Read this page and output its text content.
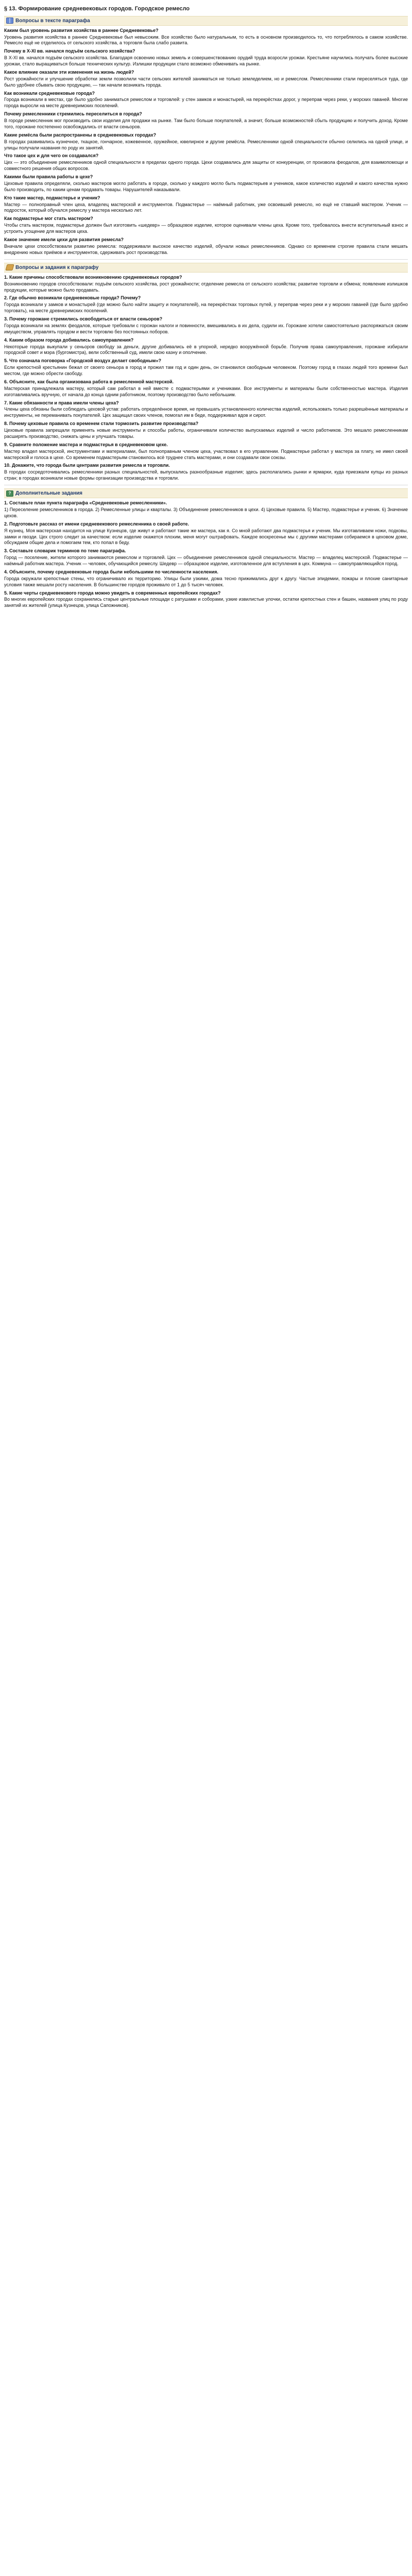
§ 13. Формирование средневековых городов. Городское ремесло
Вопросы в тексте параграфа
Каким был уровень развития хозяйства в раннее Средневековье?
Уровень развития хозяйства в раннее Средневековье был невысоким. Все хозяйство было натуральным, то есть в основном производилось то, что потреблялось в самом хозяйстве. Ремесло ещё не отделилось от сельского хозяйства, а торговля была слабо развита.
Почему в X-XI вв. начался подъём сельского хозяйства?
В X-XI вв. начался подъём сельского хозяйства. Благодаря освоению новых земель и совершенствованию орудий труда возросли урожаи. Крестьяне научились получать более высокие урожаи, стало выращиваться больше технических культур. Излишки продукции стало возможно обменивать на рынке.
Какое влияние оказали эти изменения на жизнь людей?
Рост урожайности и улучшение обработки земли позволили части сельских жителей заниматься не только земледелием, но и ремеслом. Ремесленники стали переселяться туда, где было удобнее сбывать свою продукцию, — так начали возникать города.
Как возникали средневековые города?
Города возникали в местах, где было удобно заниматься ремеслом и торговлей: у стен замков и монастырей, на перекрёстках дорог, у переправ через реки, у морских гаваней. Многие города выросли на месте древнеримских поселений.
Почему ремесленники стремились переселиться в города?
В городе ремесленник мог производить свои изделия для продажи на рынке. Там было больше покупателей, а значит, больше возможностей сбыть продукцию и получить доход. Кроме того, горожане постепенно освобождались от власти сеньоров.
Какие ремёсла были распространены в средневековых городах?
В городах развивались кузнечное, ткацкое, гончарное, кожевенное, оружейное, ювелирное и другие ремёсла. Ремесленники одной специальности обычно селились на одной улице, и улицы получали названия по роду их занятий.
Что такое цех и для чего он создавался?
Цех — это объединение ремесленников одной специальности в пределах одного города. Цехи создавались для защиты от конкуренции, от произвола феодалов, для взаимопомощи и совместного решения общих вопросов.
Какими были правила работы в цехе?
Цеховые правила определяли, сколько мастеров могло работать в городе, сколько у каждого могло быть подмастерьев и учеников, какое количество изделий и какого качества нужно было производить, по каким ценам продавать товары. Нарушителей наказывали.
Кто такие мастер, подмастерье и ученик?
Мастер — полноправный член цеха, владелец мастерской и инструментов. Подмастерье — наёмный работник, уже освоивший ремесло, но ещё не ставший мастером. Ученик — подросток, который обучался ремеслу у мастера несколько лет.
Как подмастерье мог стать мастером?
Чтобы стать мастером, подмастерье должен был изготовить «шедевр» — образцовое изделие, которое оценивали члены цеха. Кроме того, требовалось внести вступительный взнос и устроить угощение для мастеров цеха.
Какое значение имели цехи для развития ремесла?
Вначале цехи способствовали развитию ремесла: поддерживали высокое качество изделий, обучали новых ремесленников. Однако со временем строгие правила стали мешать внедрению новых приёмов и инструментов, сдерживать рост производства.
Вопросы и задания к параграфу
1. Какие причины способствовали возникновению средневековых городов?
Возникновению городов способствовали: подъём сельского хозяйства, рост урожайности; отделение ремесла от сельского хозяйства; развитие торговли и обмена; появление излишков продукции, которые можно было продавать.
2. Где обычно возникали средневековые города? Почему?
Города возникали у замков и монастырей (где можно было найти защиту и покупателей), на перекрёстках торговых путей, у переправ через реки и у морских гаваней (где было удобно торговать), на месте древнеримских поселений.
3. Почему горожане стремились освободиться от власти сеньоров?
Города возникали на землях феодалов, которые требовали с горожан налоги и повинности, вмешивались в их дела, судили их. Горожане хотели самостоятельно распоряжаться своим имуществом, управлять городом и вести торговлю без постоянных поборов.
4. Каким образом города добивались самоуправления?
Некоторые города выкупали у сеньоров свободу за деньги, другие добивались её в упорной, нередко вооружённой борьбе. Получив права самоуправления, горожане избирали городской совет и мэра (бургомистра), вели собственный суд, имели свою казну и ополчение.
5. Что означала поговорка «Городской воздух делает свободным»?
Если крепостной крестьянин бежал от своего сеньора в город и прожил там год и один день, он становился свободным человеком. Поэтому город в глазах людей того времени был местом, где можно обрести свободу.
6. Объясните, как была организована работа в ремесленной мастерской.
Мастерская принадлежала мастеру, который сам работал в ней вместе с подмастерьями и учениками. Все инструменты и материалы были собственностью мастера. Изделия изготавливались вручную, от начала до конца одним работником, поэтому производство было небольшим.
7. Какие обязанности и права имели члены цеха?
Члены цеха обязаны были соблюдать цеховой устав: работать определённое время, не превышать установленного количества изделий, использовать только разрешённые материалы и инструменты, не переманивать покупателей. Цех защищал своих членов, помогал им в беде, поддерживал вдов и сирот.
8. Почему цеховые правила со временем стали тормозить развитие производства?
Цеховые правила запрещали применять новые инструменты и способы работы, ограничивали количество выпускаемых изделий и число работников. Это мешало ремесленникам расширять производство, снижать цены и улучшать товары.
9. Сравните положение мастера и подмастерья в средневековом цехе.
Мастер владел мастерской, инструментами и материалами, был полноправным членом цеха, участвовал в его управлении. Подмастерье работал у мастера за плату, не имел своей мастерской и голоса в цехе. Со временем подмастерьям становилось всё труднее стать мастерами, и они создавали свои союзы.
10. Докажите, что города были центрами развития ремесла и торговли.
В городах сосредоточивались ремесленники разных специальностей, выпускались разнообразные изделия; здесь располагались рынки и ярмарки, куда приезжали купцы из разных стран; в городах возникали новые формы организации производства и торговли.
? Дополнительные задания
1. Составьте план пункта параграфа «Средневековые ремесленники».
1) Переселение ремесленников в города. 2) Ремесленные улицы и кварталы. 3) Объединение ремесленников в цехи. 4) Цеховые правила. 5) Мастер, подмастерье и ученик. 6) Значение цехов.
2. Подготовьте рассказ от имени средневекового ремесленника о своей работе.
Я кузнец. Моя мастерская находится на улице Кузнецов, где живут и работают такие же мастера, как я. Со мной работают два подмастерья и ученик. Мы изготавливаем ножи, подковы, замки и гвозди. Цех строго следит за качеством: если изделие окажется плохим, меня могут оштрафовать. Каждое воскресенье мы с другими мастерами собираемся в цеховом доме, обсуждаем общие дела и помогаем тем, кто попал в беду.
3. Составьте словарик терминов по теме параграфа.
Город — поселение, жители которого занимаются ремеслом и торговлей. Цех — объединение ремесленников одной специальности. Мастер — владелец мастерской. Подмастерье — наёмный работник мастера. Ученик — человек, обучающийся ремеслу. Шедевр — образцовое изделие, изготовленное для вступления в цех. Коммуна — самоуправляющийся город.
4. Объясните, почему средневековые города были небольшими по численности населения.
Города окружали крепостные стены, что ограничивало их территорию. Улицы были узкими, дома тесно прижимались друг к другу. Частые эпидемии, пожары и плохие санитарные условия также мешали росту населения. В большинстве городов проживало от 1 до 5 тысяч человек.
5. Какие черты средневекового города можно увидеть в современных европейских городах?
Во многих европейских городах сохранились старые центральные площади с ратушами и соборами, узкие извилистые улочки, остатки крепостных стен и башен, названия улиц по роду занятий их жителей (улица Кузнецов, улица Сапожников).
